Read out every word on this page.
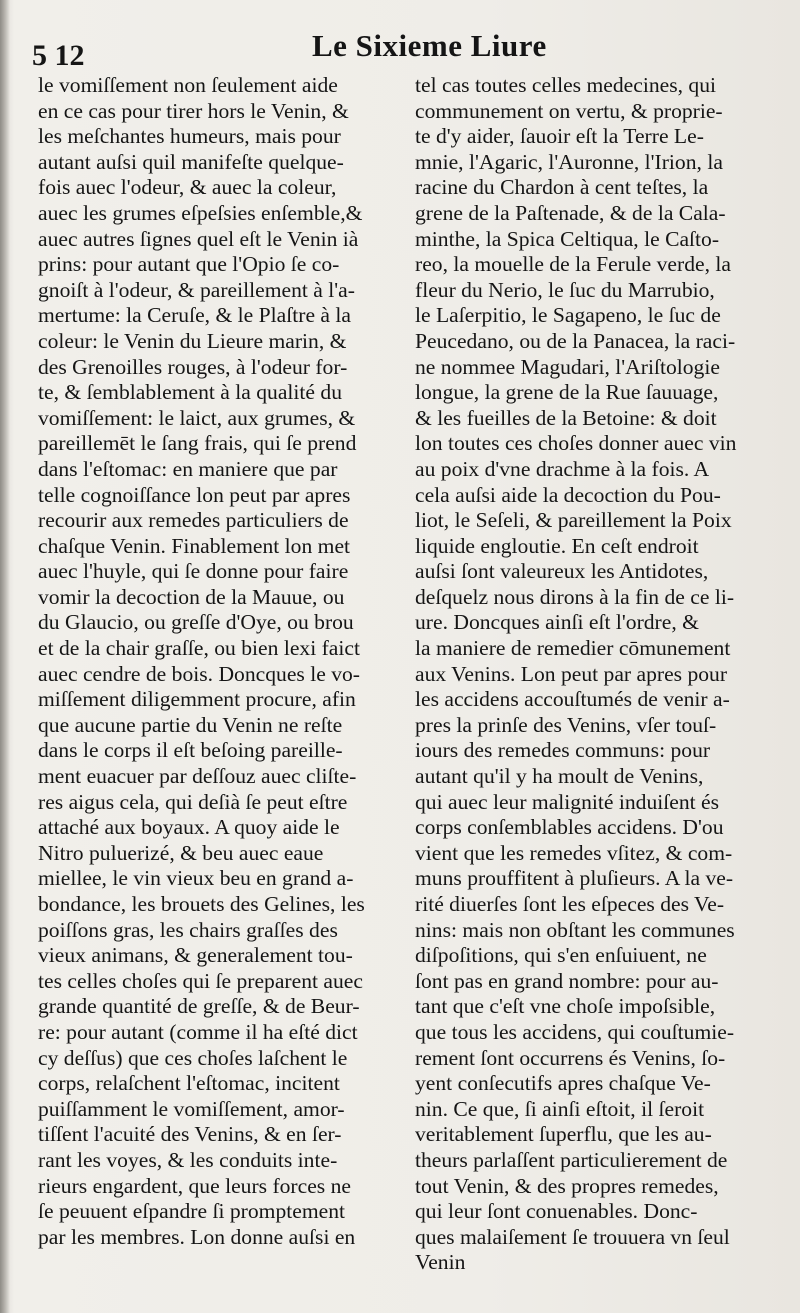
5 12	Le Sixieme Liure
le vomiſſement non ſeulement aide
en ce cas pour tirer hors le Venin, &
les meſchantes humeurs, mais pour
autant auſsi quil manifeſte quelque-
fois auec l'odeur, & auec la coleur,
auec les grumes eſpeſsies enſemble,&
auec autres ſignes quel eſt le Venin ià
prins: pour autant que l'Opio ſe co-
gnoiſt à l'odeur, & pareillement à l'a-
mertume: la Ceruſe, & le Plaſtre à la
coleur: le Venin du Lieure marin, &
des Grenoilles rouges, à l'odeur for-
te, & ſemblablement à la qualité du
vomiſſement: le laict, aux grumes, &
pareillemēt le ſang frais, qui ſe prend
dans l'eſtomac: en maniere que par
telle cognoiſſance lon peut par apres
recourir aux remedes particuliers de
chaſque Venin. Finablement lon met
auec l'huyle, qui ſe donne pour faire
vomir la decoction de la Mauue, ou
du Glaucio, ou greſſe d'Oye, ou brou
et de la chair graſſe, ou bien lexi faict
auec cendre de bois. Doncques le vo-
miſſement diligemment procure, afin
que aucune partie du Venin ne reſte
dans le corps il eſt beſoing pareille-
ment euacuer par deſſouz auec cliſte-
res aigus cela, qui deſià ſe peut eſtre
attaché aux boyaux. A quoy aide le
Nitro puluerizé, & beu auec eaue
miellee, le vin vieux beu en grand a-
bondance, les brouets des Gelines, les
poiſſons gras, les chairs graſſes des
vieux animans, & generalement tou-
tes celles choſes qui ſe preparent auec
grande quantité de greſſe, & de Beur-
re: pour autant (comme il ha eſté dict
cy deſſus) que ces choſes laſchent le
corps, relaſchent l'eſtomac, incitent
puiſſamment le vomiſſement, amor-
tiſſent l'acuité des Venins, & en ſer-
rant les voyes, & les conduits inte-
rieurs engardent, que leurs forces ne
ſe peuuent eſpandre ſi promptement
par les membres. Lon donne auſsi en
tel cas toutes celles medecines, qui
communement on vertu, & proprie-
te d'y aider, ſauoir eſt la Terre Le-
mnie, l'Agaric, l'Auronne, l'Irion, la
racine du Chardon à cent teſtes, la
grene de la Paſtenade, & de la Cala-
minthe, la Spica Celtiqua, le Caſto-
reo, la mouelle de la Ferule verde, la
fleur du Nerio, le ſuc du Marrubio,
le Laſerpitio, le Sagapeno, le ſuc de
Peucedano, ou de la Panacea, la raci-
ne nommee Magudari, l'Ariſtologie
longue, la grene de la Rue ſauuage,
& les fueilles de la Betoine: & doit
lon toutes ces choſes donner auec vin
au poix d'vne drachme à la fois. A
cela auſsi aide la decoction du Pou-
liot, le Seſeli, & pareillement la Poix
liquide engloutie. En ceſt endroit
auſsi ſont valeureux les Antidotes,
deſquelz nous dirons à la fin de ce li-
ure. Doncques ainſi eſt l'ordre, &
la maniere de remedier cōmunement
aux Venins. Lon peut par apres pour
les accidens accouſtumés de venir a-
pres la prinſe des Venins, vſer touſ-
iours des remedes communs: pour
autant qu'il y ha moult de Venins,
qui auec leur malignité induiſent és
corps conſemblables accidens. D'ou
vient que les remedes vſitez, & com-
muns prouffitent à pluſieurs. A la ve-
rité diuerſes ſont les eſpeces des Ve-
nins: mais non obſtant les communes
diſpoſitions, qui s'en enſuiuent, ne
ſont pas en grand nombre: pour au-
tant que c'eſt vne choſe impoſsible,
que tous les accidens, qui couſtumie-
rement ſont occurrens és Venins, ſo-
yent conſecutifs apres chaſque Ve-
nin. Ce que, ſi ainſi eſtoit, il ſeroit
veritablement ſuperflu, que les au-
theurs parlaſſent particulierement de
tout Venin, & des propres remedes,
qui leur ſont conuenables. Donc-
ques malaiſement ſe trouuera vn ſeul
Venin
